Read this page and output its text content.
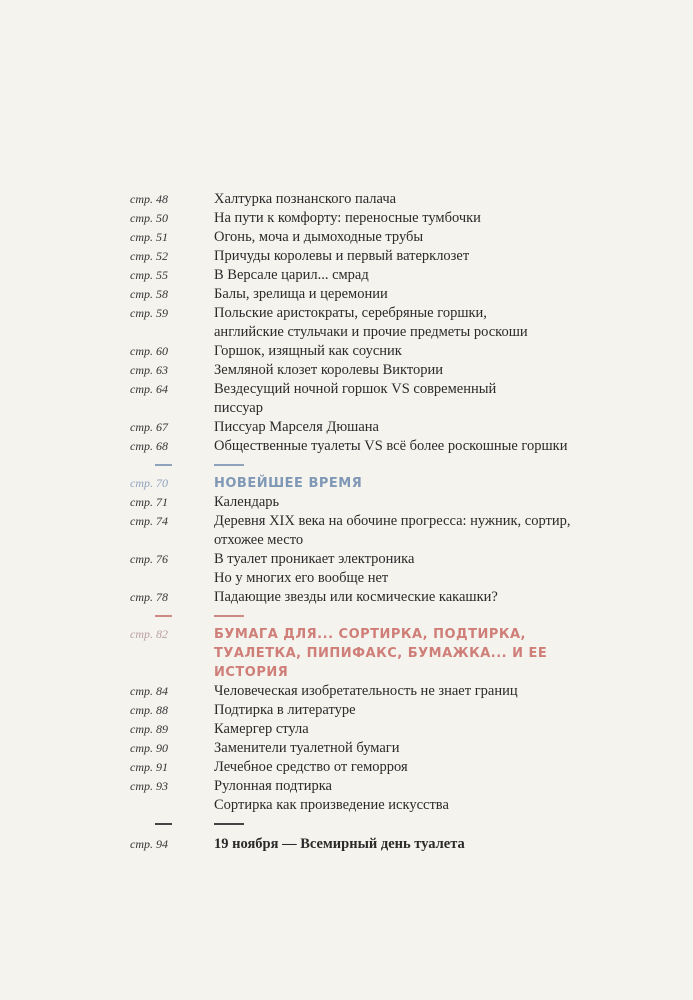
стр. 48	Халтурка познанского палача
стр. 50	На пути к комфорту: переносные тумбочки
стр. 51	Огонь, моча и дымоходные трубы
стр. 52	Причуды королевы и первый ватерклозет
стр. 55	В Версале царил... смрад
стр. 58	Балы, зрелища и церемонии
стр. 59	Польские аристократы, серебряные горшки, английские стульчаки и прочие предметы роскоши
стр. 60	Горшок, изящный как соусник
стр. 63	Земляной клозет королевы Виктории
стр. 64	Вездесущий ночной горшок VS современный писсуар
стр. 67	Писсуар Марселя Дюшана
стр. 68	Общественные туалеты VS всё более роскошные горшки
стр. 70	НОВЕЙШЕЕ ВРЕМЯ
стр. 71	Календарь
стр. 74	Деревня XIX века на обочине прогресса: нужник, сортир, отхожее место
стр. 76	В туалет проникает электроника
Но у многих его вообще нет
стр. 78	Падающие звезды или космические какашки?
стр. 82	БУМАГА ДЛЯ... СОРТИРКА, ПОДТИРКА, ТУАЛЕТКА, ПИПИФАКС, БУМАЖКА... И ЕЕ ИСТОРИЯ
стр. 84	Человеческая изобретательность не знает границ
стр. 88	Подтирка в литературе
стр. 89	Камергер стула
стр. 90	Заменители туалетной бумаги
стр. 91	Лечебное средство от геморроя
стр. 93	Рулонная подтирка
Сортирка как произведение искусства
стр. 94	19 ноября — Всемирный день туалета
